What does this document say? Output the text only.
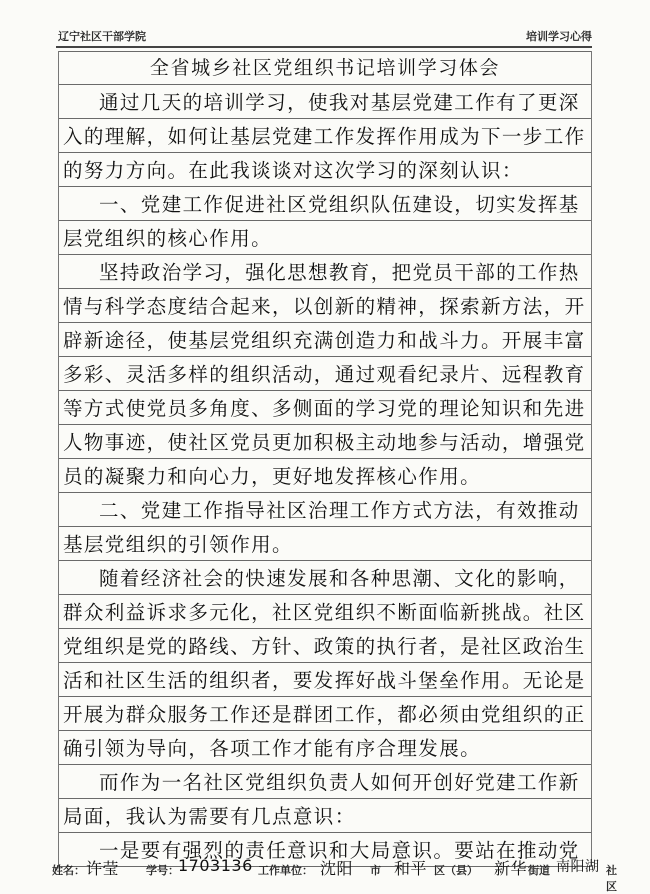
辽宁社区干部学院	培训学习心得
全省城乡社区党组织书记培训学习体会
通过几天的培训学习，使我对基层党建工作有了更深
入的理解，如何让基层党建工作发挥作用成为下一步工作
的努力方向。在此我谈谈对这次学习的深刻认识：
一、党建工作促进社区党组织队伍建设，切实发挥基
层党组织的核心作用。
坚持政治学习，强化思想教育，把党员干部的工作热
情与科学态度结合起来，以创新的精神，探索新方法，开
辟新途径，使基层党组织充满创造力和战斗力。开展丰富
多彩、灵活多样的组织活动，通过观看纪录片、远程教育
等方式使党员多角度、多侧面的学习党的理论知识和先进
人物事迹，使社区党员更加积极主动地参与活动，增强党
员的凝聚力和向心力，更好地发挥核心作用。
二、党建工作指导社区治理工作方式方法，有效推动
基层党组织的引领作用。
随着经济社会的快速发展和各种思潮、文化的影响，
群众利益诉求多元化，社区党组织不断面临新挑战。社区
党组织是党的路线、方针、政策的执行者，是社区政治生
活和社区生活的组织者，要发挥好战斗堡垒作用。无论是
开展为群众服务工作还是群团工作，都必须由党组织的正
确引领为导向，各项工作才能有序合理发展。
而作为一名社区党组织负责人如何开创好党建工作新
局面，我认为需要有几点意识：
一是要有强烈的责任意识和大局意识。要站在推动党
姓名： 许莹 学号： 1703136 工作单位： 沈阳 市 和平 区（县） 新华 街道 南阳湖 社区
